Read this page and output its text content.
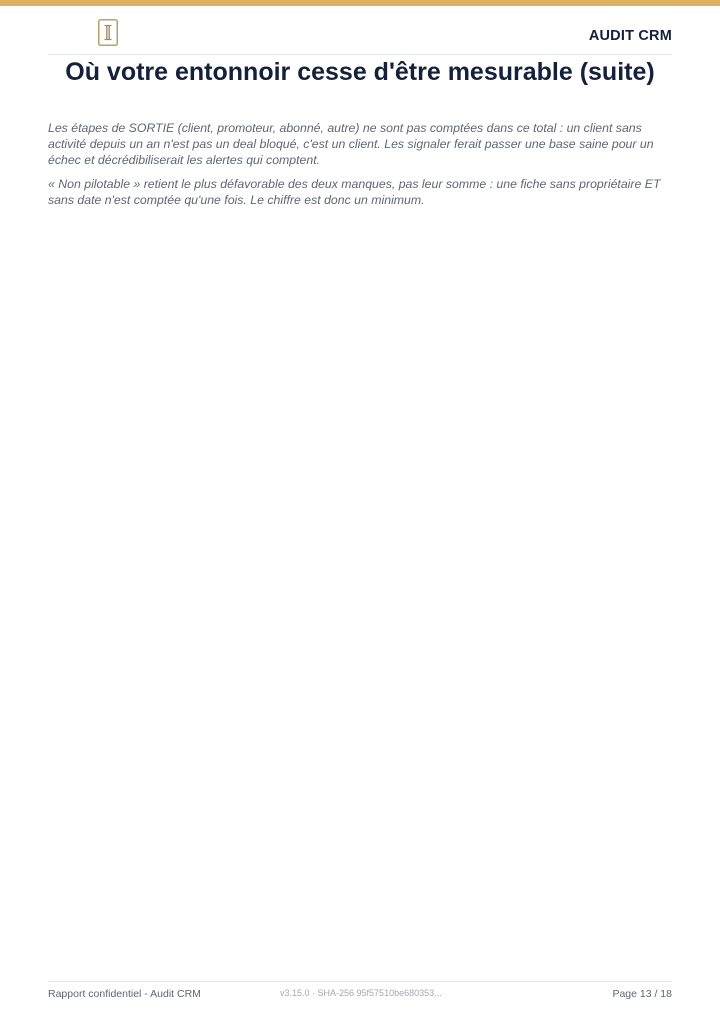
AUDIT CRM
Où votre entonnoir cesse d'être mesurable (suite)

Les étapes de SORTIE (client, promoteur, abonné, autre) ne sont pas comptées dans ce total : un client sans activité depuis un an n'est pas un deal bloqué, c'est un client. Les signaler ferait passer une base saine pour un échec et décrédibiliserait les alertes qui comptent.

« Non pilotable » retient le plus défavorable des deux manques, pas leur somme : une fiche sans propriétaire ET sans date n'est comptée qu'une fois. Le chiffre est donc un minimum.

Rapport confidentiel - Audit CRM	v3.15.0 · SHA-256 95f57510be680353...	Page 13 / 18
